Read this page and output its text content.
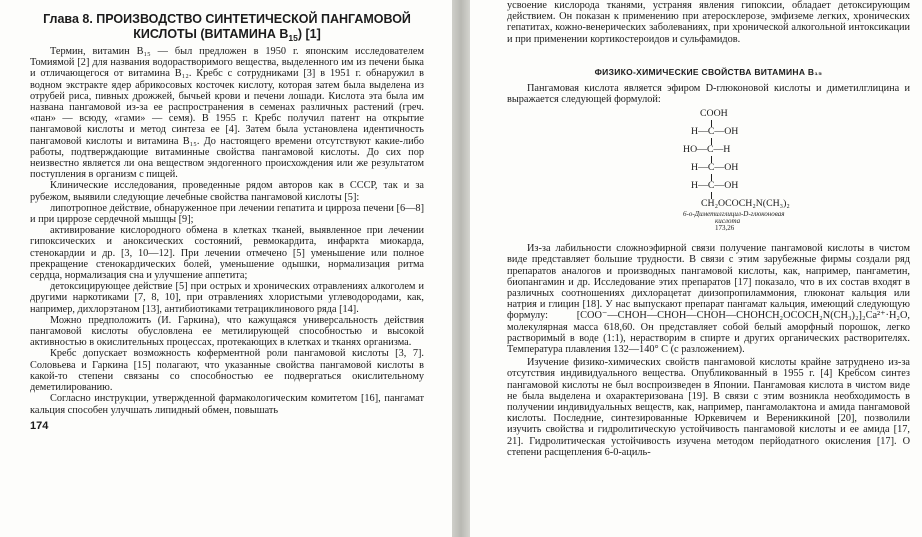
Глава 8. ПРОИЗВОДСТВО СИНТЕТИЧЕСКОЙ ПАНГАМОВОЙ
КИСЛОТЫ (ВИТАМИНА $B_{15}$) [1]

Термин, витамин B₁₅ — был предложен в 1950 г. японским исследователем Томиямой [2] для названия водорастворимого вещества, выделенного им из печени быка и отличающегося от витамина B₁₂. Кребс с сотрудниками [3] в 1951 г. обнаружил в водном экстракте ядер абрикосовых косточек кислоту, которая затем была выделена из отрубей риса, пивных дрожжей, бычьей крови и печени лошади. Кислота эта была им названа пангамовой из-за ее распространения в семенах различных растений (греч. «пан» — всюду, «гами» — семя). В 1955 г. Кребс получил патент на открытие пангамовой кислоты и метод синтеза ее [4]. Затем была установлена идентичность пангамовой кислоты и витамина B₁₅. До настоящего времени отсутствуют какие-либо работы, подтверждающие витаминные свойства пангамовой кислоты. До сих пор неизвестно является ли она веществом эндогенного происхождения или же результатом поступления в организм с пищей.

Клинические исследования, проведенные рядом авторов как в СССР, так и за рубежом, выявили следующие лечебные свойства пангамовой кислоты [5]:

липотропное действие, обнаруженное при лечении гепатита и цирроза печени [6—8] и при циррозе сердечной мышцы [9];

активирование кислородного обмена в клетках тканей, выявленное при лечении гипоксических и аноксических состояний, ревмокардита, инфаркта миокарда, стенокардии и др. [3, 10—12]. При лечении отмечено [5] уменьшение или полное прекращение стенокардических болей, уменьшение одышки, нормализация ритма сердца, нормализация сна и улучшение аппетита;

детоксицирующее действие [5] при острых и хронических отравлениях алкоголем и другими наркотиками [7, 8, 10], при отравлениях хлористыми углеводородами, как, например, дихлорэтаном [13], антибиотиками тетрациклинового ряда [14].

Можно предположить (И. Гаркина), что кажущаяся универсальность действия пангамовой кислоты обусловлена ее метилирующей способностью и высокой активностью в окислительных процессах, протекающих в клетках и тканях организма.

Кребс допускает возможность коферментной роли пангамовой кислоты [3, 7]. Соловьева и Гаркина [15] полагают, что указанные свойства пангамовой кислоты в какой-то степени связаны со способностью ее подвергаться окислительному деметилированию.

Согласно инструкции, утвержденной фармакологическим комитетом [16], пангамат кальция способен улучшать липидный обмен, повышать

174

усвоение кислорода тканями, устраняя явления гипоксии, обладает детоксирующим действием. Он показан к применению при атеросклерозе, эмфиземе легких, хронических гепатитах, кожно-венерических заболеваниях, при хронической алкогольной интоксикации и при применении кортикостероидов и сульфамидов.

ФИЗИКО-ХИМИЧЕСКИЕ СВОЙСТВА ВИТАМИНА B₁₅

Пангамовая кислота является эфиром D-глюконовой кислоты и диметилглицина и выражается следующей формулой:

COOH
H—C—OH
HO—C—H
H—C—OH
H—C—OH
CH₂OCOCH₂N(CH₃)₂
6-о-Диметилглицил-D-глюконовая
кислота
173,26

Из-за лабильности сложноэфирной связи получение пангамовой кислоты в чистом виде представляет большие трудности. В связи с этим зарубежные фирмы создали ряд препаратов аналогов и производных пангамовой кислоты, как, например, пангаметин, биопангамин и др. Исследование этих препаратов [17] показало, что в их состав входят в различных соотношениях дихлорацетат диизопропиламмония, глюконат кальция или натрия и глицин [18]. У нас выпускают препарат пангамат кальция, имеющий следующую формулу: [COO⁻—CHOH—CHOH—CHOH—CHOHCH₂OCOCH₂N(CH₃)₂]₂Ca²⁺·H₂O, молекулярная масса 618,60. Он представляет собой белый аморфный порошок, легко растворимый в воде (1:1), нерастворим в спирте и других органических растворителях. Температура плавления 132—140° С (с разложением).

Изучение физико-химических свойств пангамовой кислоты крайне затруднено из-за отсутствия индивидуального вещества. Опубликованный в 1955 г. [4] Кребсом синтез пангамовой кислоты не был воспроизведен в Японии. Пангамовая кислота в чистом виде не была выделена и охарактеризована [19]. В связи с этим возникла необходимость в получении индивидуальных веществ, как, например, пангамолактона и амида пангамовой кислоты. Последние, синтезированные Юркевичем и Верениккиной [20], позволили изучить свойства и гидролитическую устойчивость пангамовой кислоты и ее амида [17, 21]. Гидролитическая устойчивость изучена методом перйодатного окисления [17]. О степени расщепления 6-0-ациль-
